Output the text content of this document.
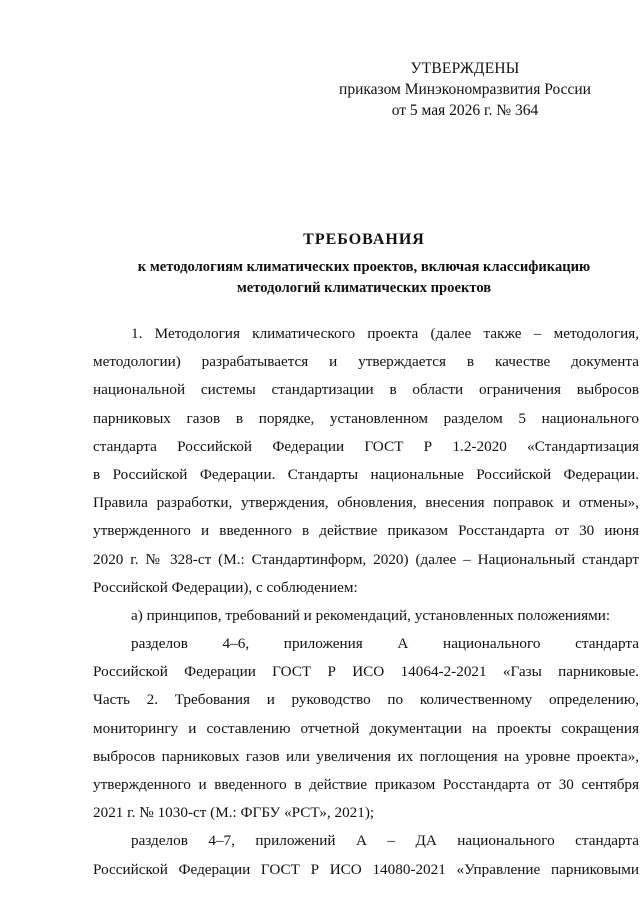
УТВЕРЖДЕНЫ
приказом Минэкономразвития России
от 5 мая 2026 г. № 364
ТРЕБОВАНИЯ
к методологиям климатических проектов, включая классификацию
методологий климатических проектов
1. Методология климатического проекта (далее также – методология,
методологии) разрабатывается и утверждается в качестве документа
национальной системы стандартизации в области ограничения выбросов
парниковых газов в порядке, установленном разделом 5 национального
стандарта Российской Федерации ГОСТ Р 1.2-2020 «Стандартизация
в Российской Федерации. Стандарты национальные Российской Федерации.
Правила разработки, утверждения, обновления, внесения поправок и отмены»,
утвержденного и введенного в действие приказом Росстандарта от 30 июня
2020 г. № 328-ст (М.: Стандартинформ, 2020) (далее – Национальный стандарт
Российской Федерации), с соблюдением:
а) принципов, требований и рекомендаций, установленных положениями:
разделов 4–6, приложения А национального стандарта
Российской Федерации ГОСТ Р ИСО 14064-2-2021 «Газы парниковые.
Часть 2. Требования и руководство по количественному определению,
мониторингу и составлению отчетной документации на проекты сокращения
выбросов парниковых газов или увеличения их поглощения на уровне проекта»,
утвержденного и введенного в действие приказом Росстандарта от 30 сентября
2021 г. № 1030-ст (М.: ФГБУ «РСТ», 2021);
разделов 4–7, приложений А – ДА национального стандарта
Российской Федерации ГОСТ Р ИСО 14080-2021 «Управление парниковыми
